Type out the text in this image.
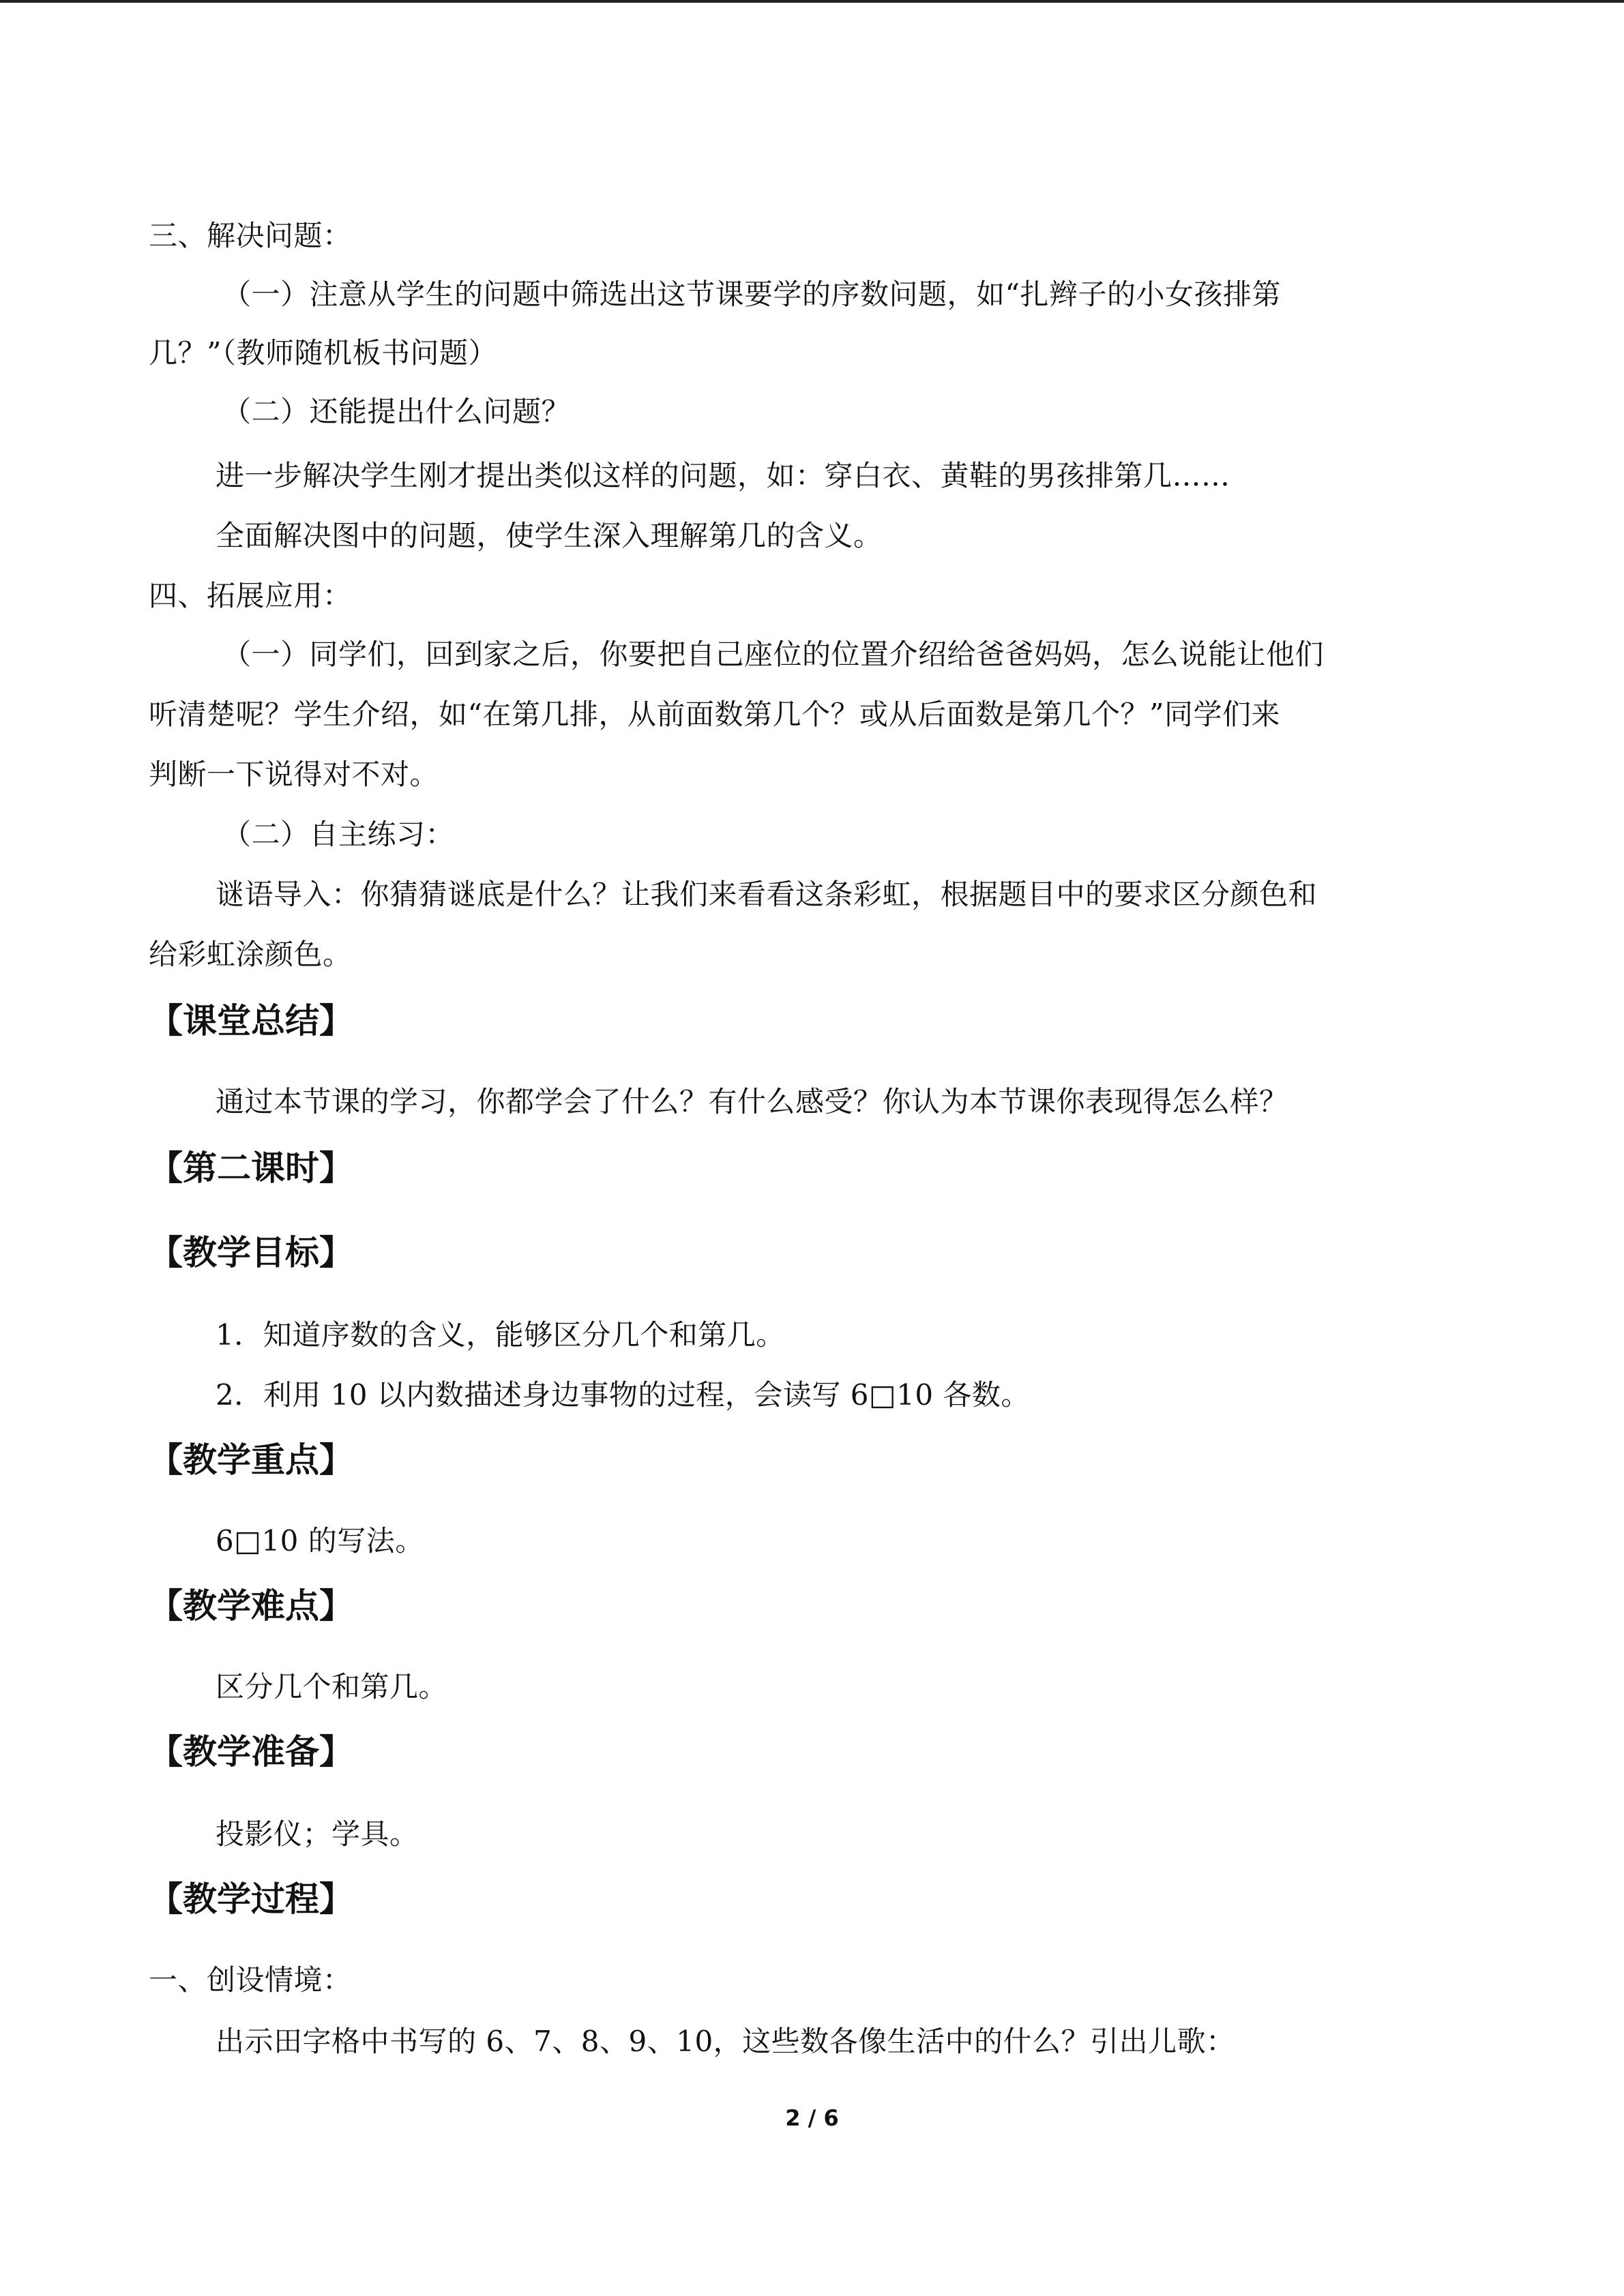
三、解决问题：
（一）注意从学生的问题中筛选出这节课要学的序数问题，如“扎辫子的小女孩排第
几？”（教师随机板书问题）
（二）还能提出什么问题？
进一步解决学生刚才提出类似这样的问题，如：穿白衣、黄鞋的男孩排第几……
全面解决图中的问题，使学生深入理解第几的含义。
四、拓展应用：
（一）同学们，回到家之后，你要把自己座位的位置介绍给爸爸妈妈，怎么说能让他们
听清楚呢？学生介绍，如“在第几排，从前面数第几个？或从后面数是第几个？”同学们来
判断一下说得对不对。
（二）自主练习：
谜语导入：你猜猜谜底是什么？让我们来看看这条彩虹，根据题目中的要求区分颜色和
给彩虹涂颜色。
【课堂总结】
通过本节课的学习，你都学会了什么？有什么感受？你认为本节课你表现得怎么样？
【第二课时】
【教学目标】
1．知道序数的含义，能够区分几个和第几。
2．利用 10 以内数描述身边事物的过程，会读写 6□10 各数。
【教学重点】
6□10 的写法。
【教学难点】
区分几个和第几。
【教学准备】
投影仪；学具。
【教学过程】
一、创设情境：
出示田字格中书写的 6、7、8、9、10，这些数各像生活中的什么？引出儿歌：
2 / 6
